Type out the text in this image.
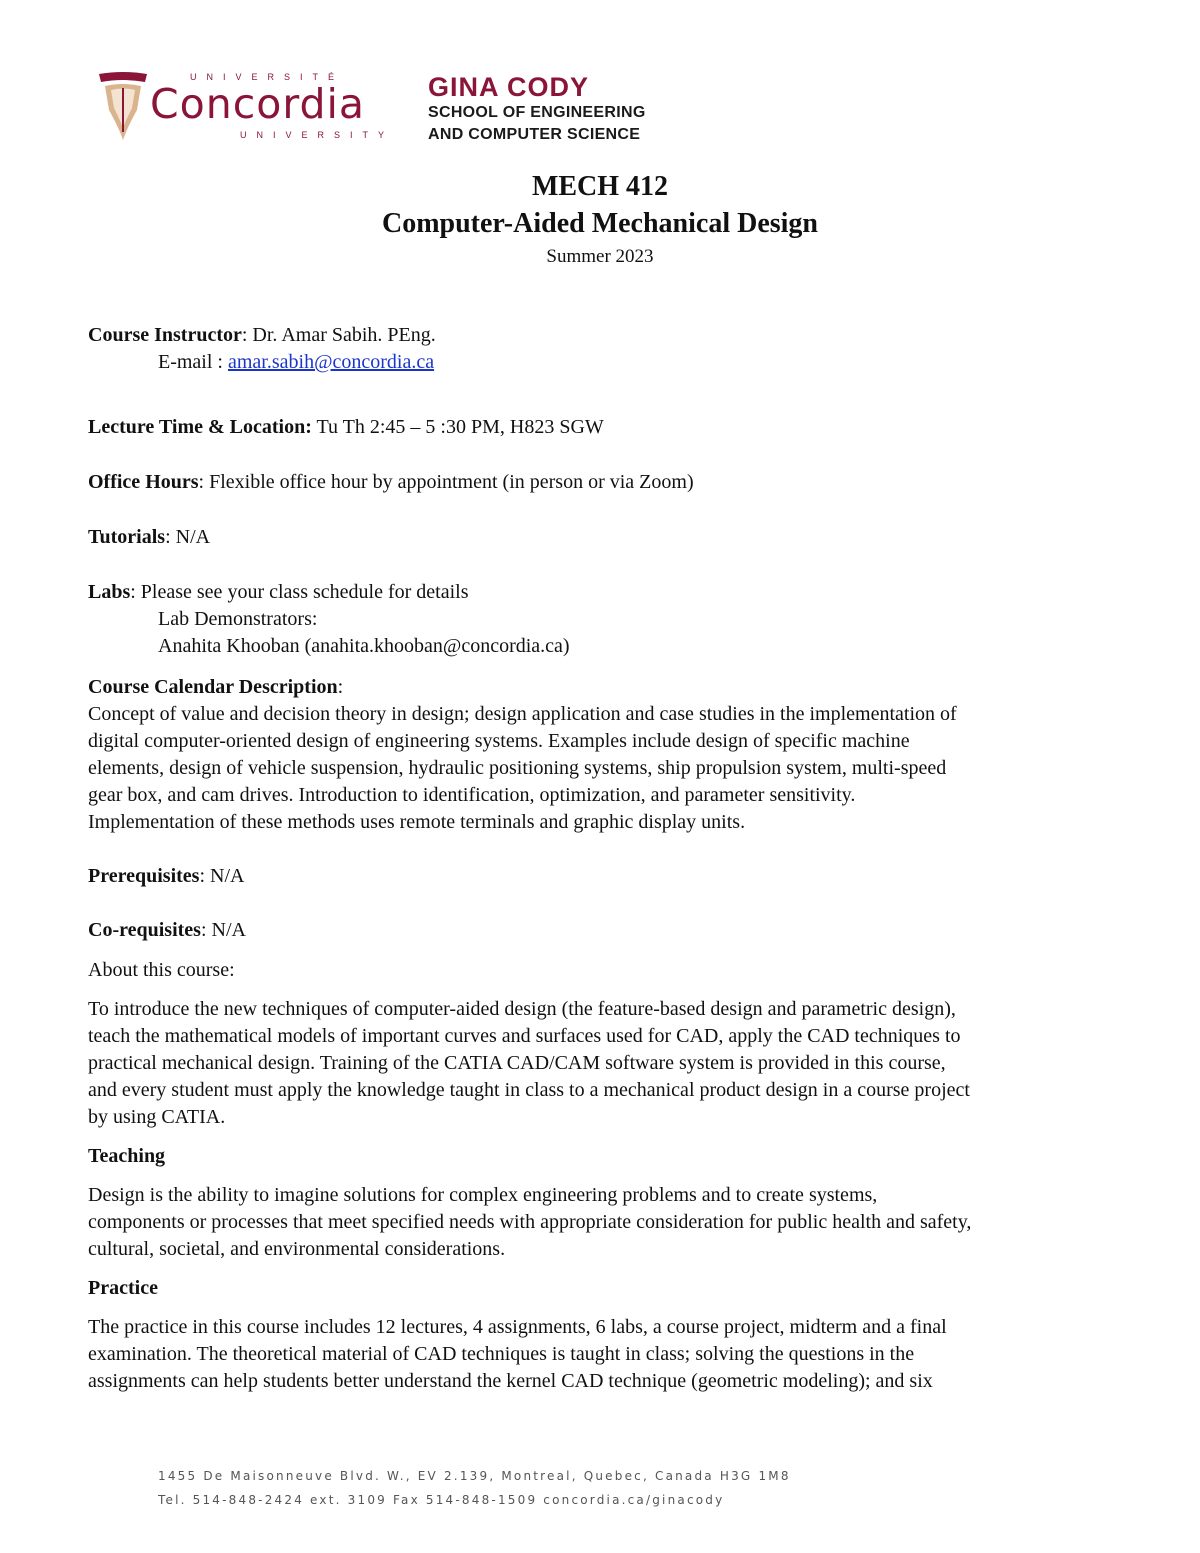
UNIVERSITÉ
Concordia
UNIVERSITY
GINA CODY
SCHOOL OF ENGINEERING
AND COMPUTER SCIENCE
MECH 412
Computer-Aided Mechanical Design
Summer 2023
Course Instructor: Dr. Amar Sabih. PEng.
E-mail : amar.sabih@concordia.ca
Lecture Time & Location: Tu Th 2:45 – 5 :30 PM, H823 SGW
Office Hours: Flexible office hour by appointment (in person or via Zoom)
Tutorials: N/A
Labs: Please see your class schedule for details
Lab Demonstrators:
Anahita Khooban (anahita.khooban@concordia.ca)
Course Calendar Description:
Concept of value and decision theory in design; design application and case studies in the implementation of
digital computer-oriented design of engineering systems. Examples include design of specific machine
elements, design of vehicle suspension, hydraulic positioning systems, ship propulsion system, multi-speed
gear box, and cam drives. Introduction to identification, optimization, and parameter sensitivity.
Implementation of these methods uses remote terminals and graphic display units.
Prerequisites: N/A
Co-requisites: N/A
About this course:
To introduce the new techniques of computer-aided design (the feature-based design and parametric design),
teach the mathematical models of important curves and surfaces used for CAD, apply the CAD techniques to
practical mechanical design. Training of the CATIA CAD/CAM software system is provided in this course,
and every student must apply the knowledge taught in class to a mechanical product design in a course project
by using CATIA.
Teaching
Design is the ability to imagine solutions for complex engineering problems and to create systems,
components or processes that meet specified needs with appropriate consideration for public health and safety,
cultural, societal, and environmental considerations.
Practice
The practice in this course includes 12 lectures, 4 assignments, 6 labs, a course project, midterm and a final
examination. The theoretical material of CAD techniques is taught in class; solving the questions in the
assignments can help students better understand the kernel CAD technique (geometric modeling); and six
1455 De Maisonneuve Blvd. W., EV 2.139, Montreal, Quebec, Canada H3G 1M8
Tel. 514-848-2424 ext. 3109 Fax 514-848-1509 concordia.ca/ginacody
